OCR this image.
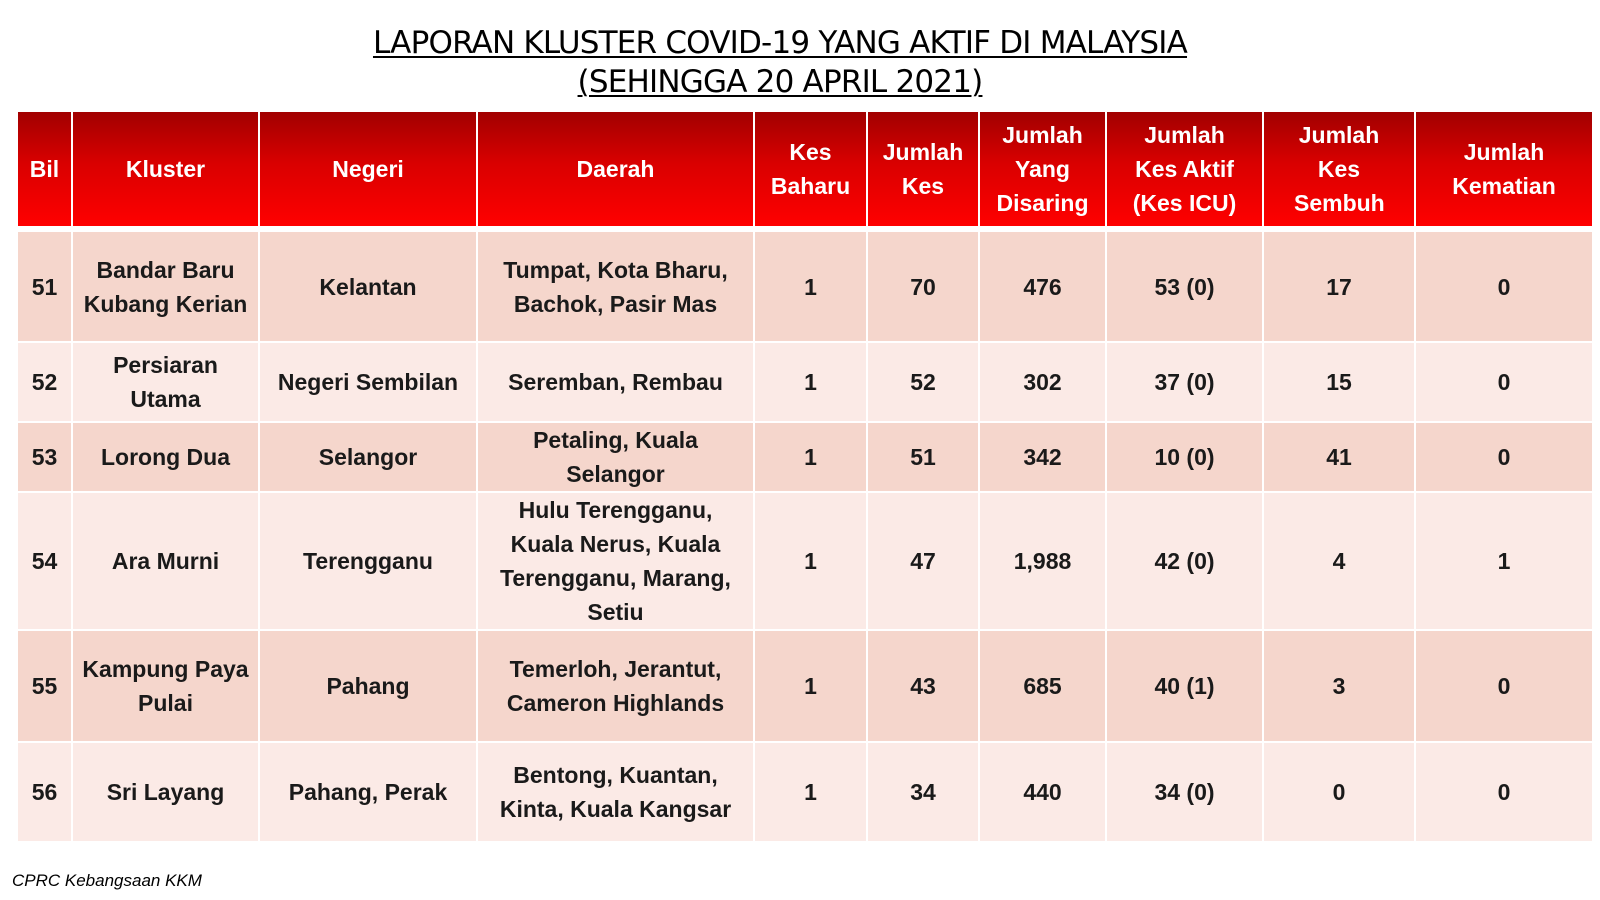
LAPORAN KLUSTER COVID-19 YANG AKTIF DI MALAYSIA
(SEHINGGA 20 APRIL 2021)
Bil	Kluster	Negeri	Daerah	Kes Baharu	Jumlah Kes	Jumlah Yang Disaring	Jumlah Kes Aktif (Kes ICU)	Jumlah Kes Sembuh	Jumlah Kematian
51	Bandar Baru Kubang Kerian	Kelantan	Tumpat, Kota Bharu, Bachok, Pasir Mas	1	70	476	53 (0)	17	0
52	Persiaran Utama	Negeri Sembilan	Seremban, Rembau	1	52	302	37 (0)	15	0
53	Lorong Dua	Selangor	Petaling, Kuala Selangor	1	51	342	10 (0)	41	0
54	Ara Murni	Terengganu	Hulu Terengganu, Kuala Nerus, Kuala Terengganu, Marang, Setiu	1	47	1,988	42 (0)	4	1
55	Kampung Paya Pulai	Pahang	Temerloh, Jerantut, Cameron Highlands	1	43	685	40 (1)	3	0
56	Sri Layang	Pahang, Perak	Bentong, Kuantan, Kinta, Kuala Kangsar	1	34	440	34 (0)	0	0
CPRC Kebangsaan KKM
